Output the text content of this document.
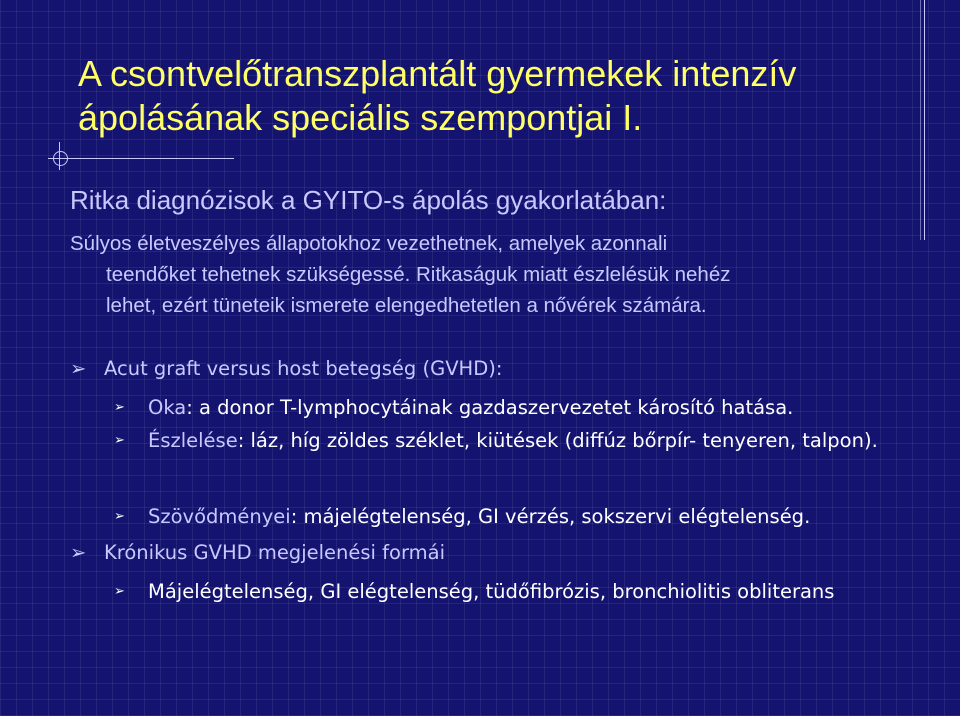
A csontvelőtranszplantált gyermekek intenzív
ápolásának speciális szempontjai I.

Ritka diagnózisok a GYITO-s ápolás gyakorlatában:

Súlyos életveszélyes állapotokhoz vezethetnek, amelyek azonnali
teendőket tehetnek szükségessé. Ritkaságuk miatt észlelésük nehéz
lehet, ezért tüneteik ismerete elengedhetetlen a nővérek számára.
➢ Acut graft versus host betegség (GVHD):
➢ Oka: a donor T-lymphocytáinak gazdaszervezetet károsító hatása.
➢ Észlelése: láz, híg zöldes széklet, kiütések (diffúz bőrpír- tenyeren, talpon).
➢ Szövődményei: májelégtelenség, GI vérzés, sokszervi elégtelenség.
➢ Krónikus GVHD megjelenési formái
➢ Májelégtelenség, GI elégtelenség, tüdőfibrózis, bronchiolitis obliterans
